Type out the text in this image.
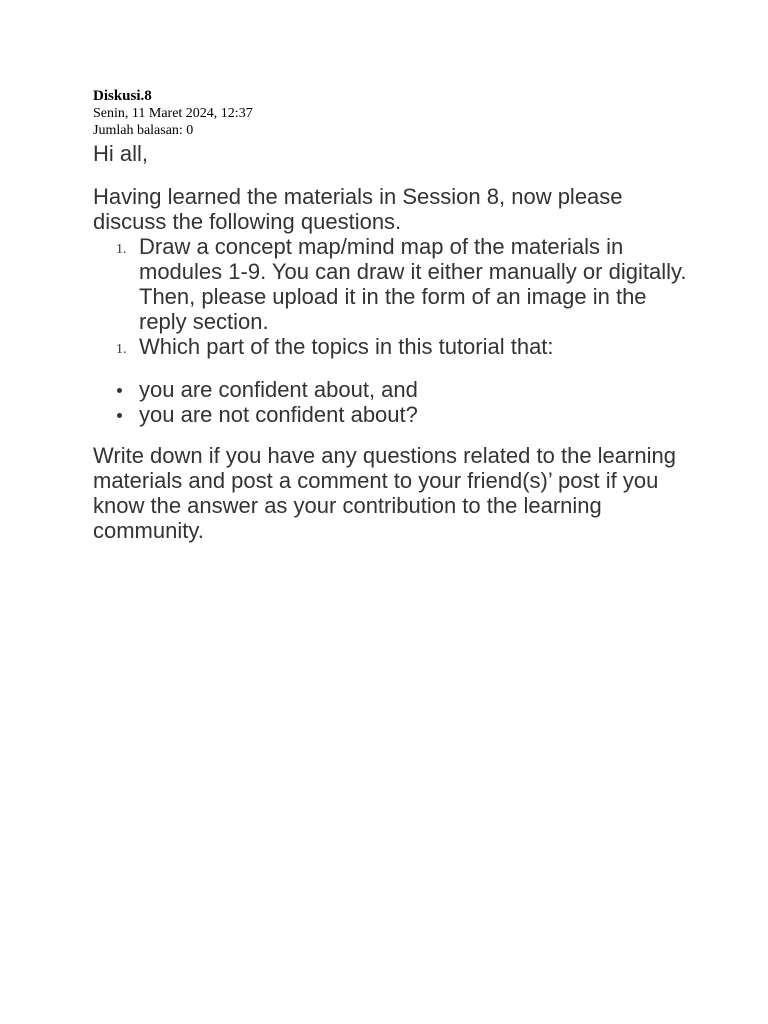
Diskusi.8
Senin, 11 Maret 2024, 12:37
Jumlah balasan: 0

Hi all,

Having learned the materials in Session 8, now please discuss the following questions.

1. Draw a concept map/mind map of the materials in modules 1-9. You can draw it either manually or digitally. Then, please upload it in the form of an image in the reply section.
1. Which part of the topics in this tutorial that:
you are confident about, and
you are not confident about?

Write down if you have any questions related to the learning materials and post a comment to your friend(s)’ post if you know the answer as your contribution to the learning community.
